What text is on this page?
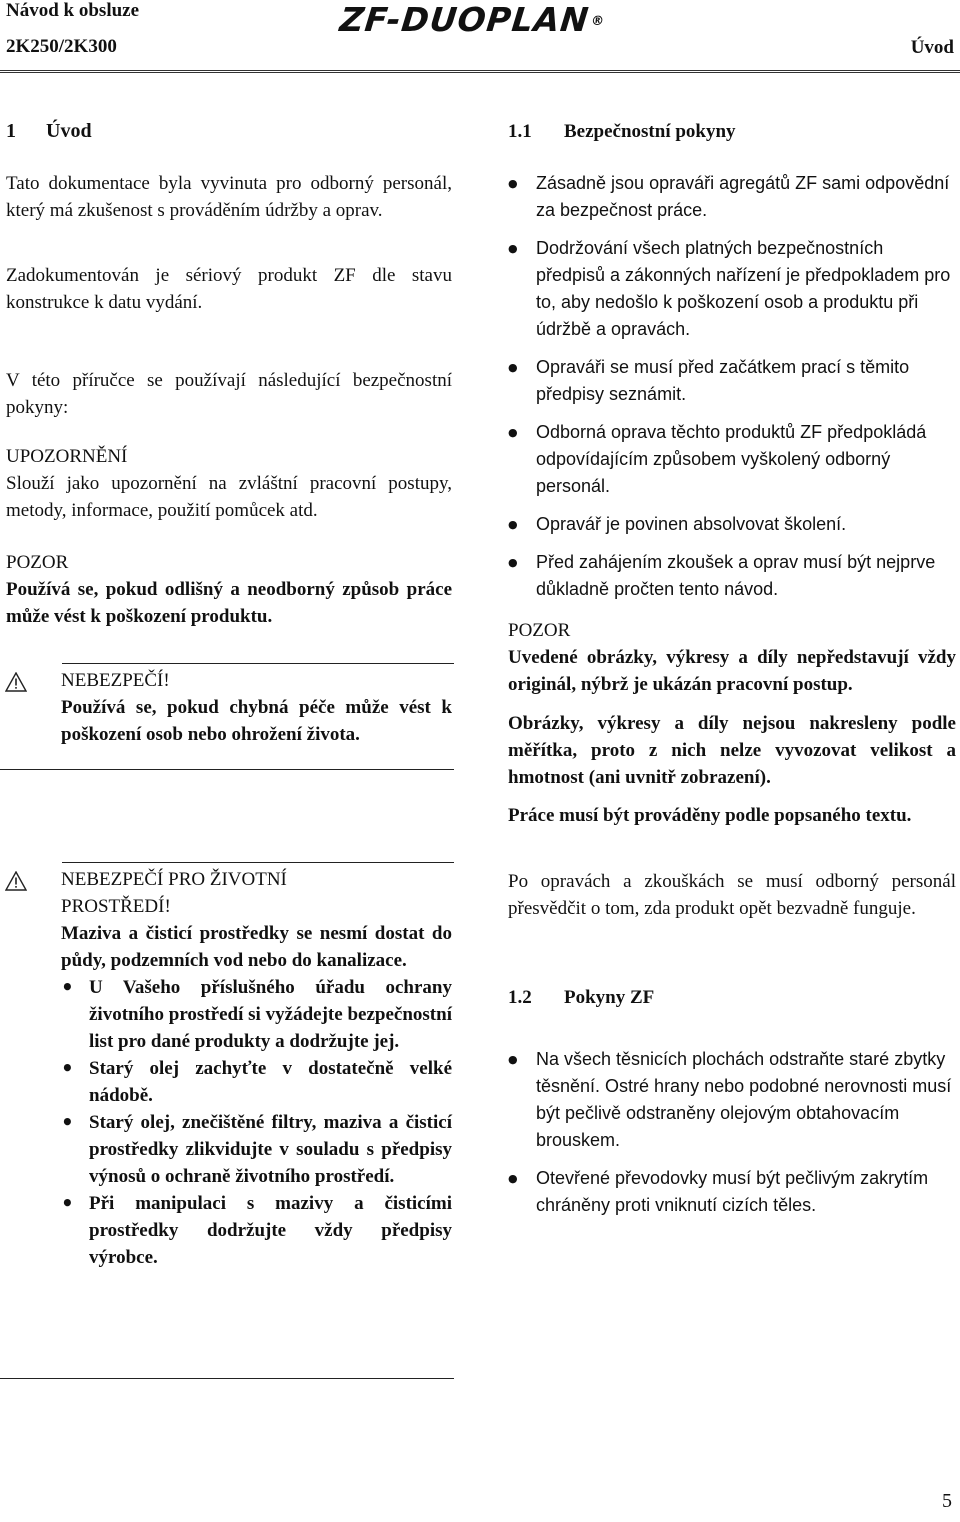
Návod k obsluze
2K250/2K300
ZF-DUOPLAN®
Úvod
1 Úvod

Tato dokumentace byla vyvinuta pro odborný personál, který má zkušenost s prováděním údržby a oprav.

Zadokumentován je sériový produkt ZF dle stavu konstrukce k datu vydání.

V této příručce se používají následující bezpečnostní pokyny:

UPOZORNĚNÍ

Slouží jako upozornění na zvláštní pracovní postupy, metody, informace, použití pomůcek atd.

POZOR

Používá se, pokud odlišný a neodborný způsob práce může vést k poškození produktu.

NEBEZPEČÍ!

Používá se, pokud chybná péče může vést k poškození osob nebo ohrožení života.

NEBEZPEČÍ PRO ŽIVOTNÍ PROSTŘEDÍ!

Maziva a čisticí prostředky se nesmí dostat do půdy, podzemních vod nebo do kanalizace.

• U Vašeho příslušného úřadu ochrany životního prostředí si vyžádejte bezpečnostní list pro dané produkty a dodržujte jej.
• Starý olej zachyťte v dostatečně velké nádobě.
• Starý olej, znečištěné filtry, maziva a čisticí prostředky zlikvidujte v souladu s předpisy výnosů o ochraně životního prostředí.
• Při manipulaci s mazivy a čisticími prostředky dodržujte vždy předpisy výrobce.
1.1 Bezpečnostní pokyny
● Zásadně jsou opraváři agregátů ZF sami odpovědní za bezpečnost práce.
● Dodržování všech platných bezpečnostních předpisů a zákonných nařízení je předpokladem pro to, aby nedošlo k poškození osob a produktu při údržbě a opravách.
● Opraváři se musí před začátkem prací s těmito předpisy seznámit.
● Odborná oprava těchto produktů ZF předpokládá odpovídajícím způsobem vyškolený odborný personál.
● Opravář je povinen absolvovat školení.
● Před zahájením zkoušek a oprav musí být nejprve důkladně pročten tento návod.
POZOR

Uvedené obrázky, výkresy a díly nepředstavují vždy originál, nýbrž je ukázán pracovní postup.

Obrázky, výkresy a díly nejsou nakresleny podle měřítka, proto z nich nelze vyvozovat velikost a hmotnost (ani uvnitř zobrazení).

Práce musí být prováděny podle popsaného textu.

Po opravách a zkouškách se musí odborný personál přesvědčit o tom, zda produkt opět bezvadně funguje.

1.2 Pokyny ZF
● Na všech těsnicích plochách odstraňte staré zbytky těsnění. Ostré hrany nebo podobné nerovnosti musí být pečlivě odstraněny olejovým obtahovacím brouskem.
● Otevřené převodovky musí být pečlivým zakrytím chráněny proti vniknutí cizích těles.
5
